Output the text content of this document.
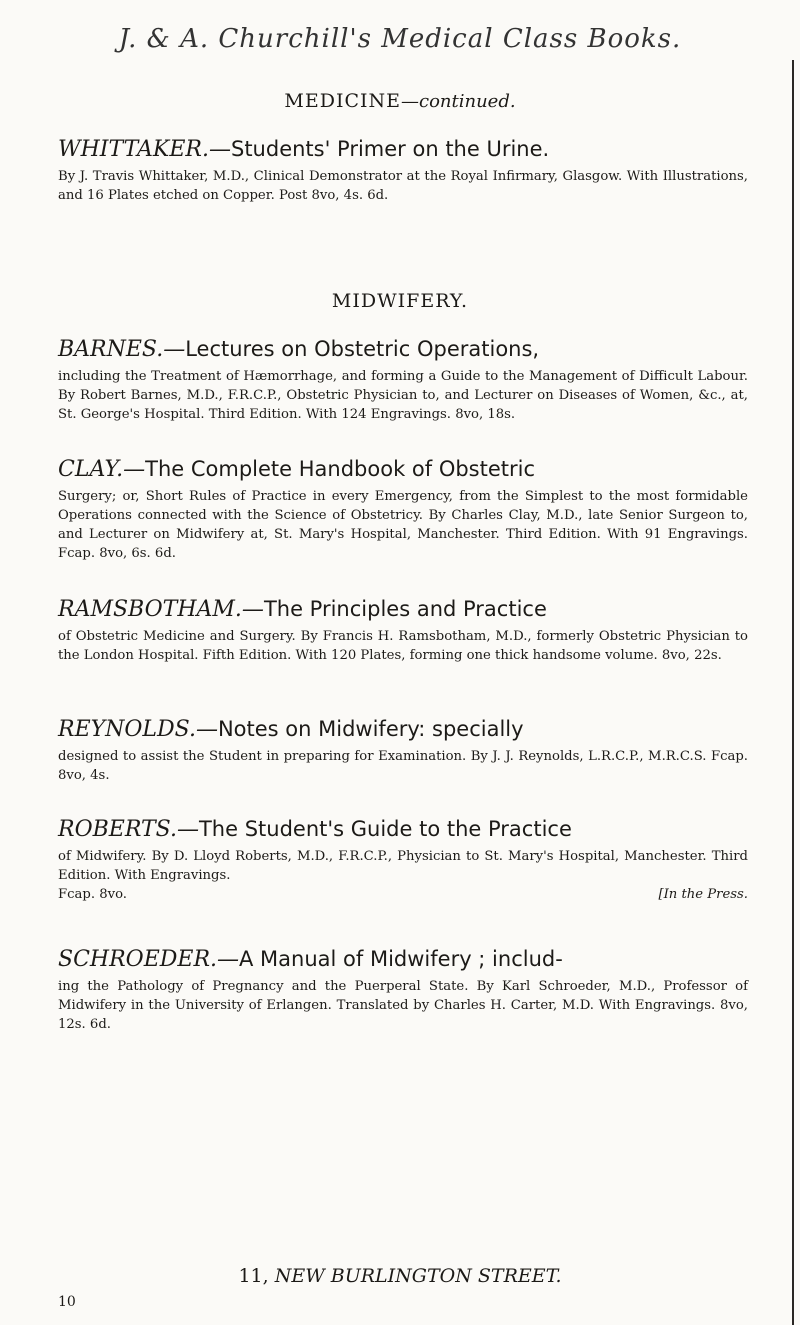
J. & A. Churchill's Medical Class Books.
MEDICINE—continued.
WHITTAKER.—Students' Primer on the Urine.
By J. Travis Whittaker, M.D., Clinical Demonstrator at the Royal Infirmary, Glasgow. With Illustrations, and 16 Plates etched on Copper. Post 8vo, 4s. 6d.
MIDWIFERY.
BARNES.—Lectures on Obstetric Operations,
including the Treatment of Hæmorrhage, and forming a Guide to the Management of Difficult Labour. By Robert Barnes, M.D., F.R.C.P., Obstetric Physician to, and Lecturer on Diseases of Women, &c., at, St. George's Hospital. Third Edition. With 124 Engravings. 8vo, 18s.
CLAY.—The Complete Handbook of Obstetric
Surgery; or, Short Rules of Practice in every Emergency, from the Simplest to the most formidable Operations connected with the Science of Obstetricy. By Charles Clay, M.D., late Senior Surgeon to, and Lecturer on Midwifery at, St. Mary's Hospital, Manchester. Third Edition. With 91 Engravings. Fcap. 8vo, 6s. 6d.
RAMSBOTHAM.—The Principles and Practice
of Obstetric Medicine and Surgery. By Francis H. Ramsbotham, M.D., formerly Obstetric Physician to the London Hospital. Fifth Edition. With 120 Plates, forming one thick handsome volume. 8vo, 22s.
REYNOLDS.—Notes on Midwifery: specially
designed to assist the Student in preparing for Examination. By J. J. Reynolds, L.R.C.P., M.R.C.S. Fcap. 8vo, 4s.
ROBERTS.—The Student's Guide to the Practice
of Midwifery. By D. Lloyd Roberts, M.D., F.R.C.P., Physician to St. Mary's Hospital, Manchester. Third Edition. With Engravings.
Fcap. 8vo.	[In the Press.
SCHROEDER.—A Manual of Midwifery ; includ-
ing the Pathology of Pregnancy and the Puerperal State. By Karl Schroeder, M.D., Professor of Midwifery in the University of Erlangen. Translated by Charles H. Carter, M.D. With Engravings. 8vo, 12s. 6d.
11, NEW BURLINGTON STREET.
10
